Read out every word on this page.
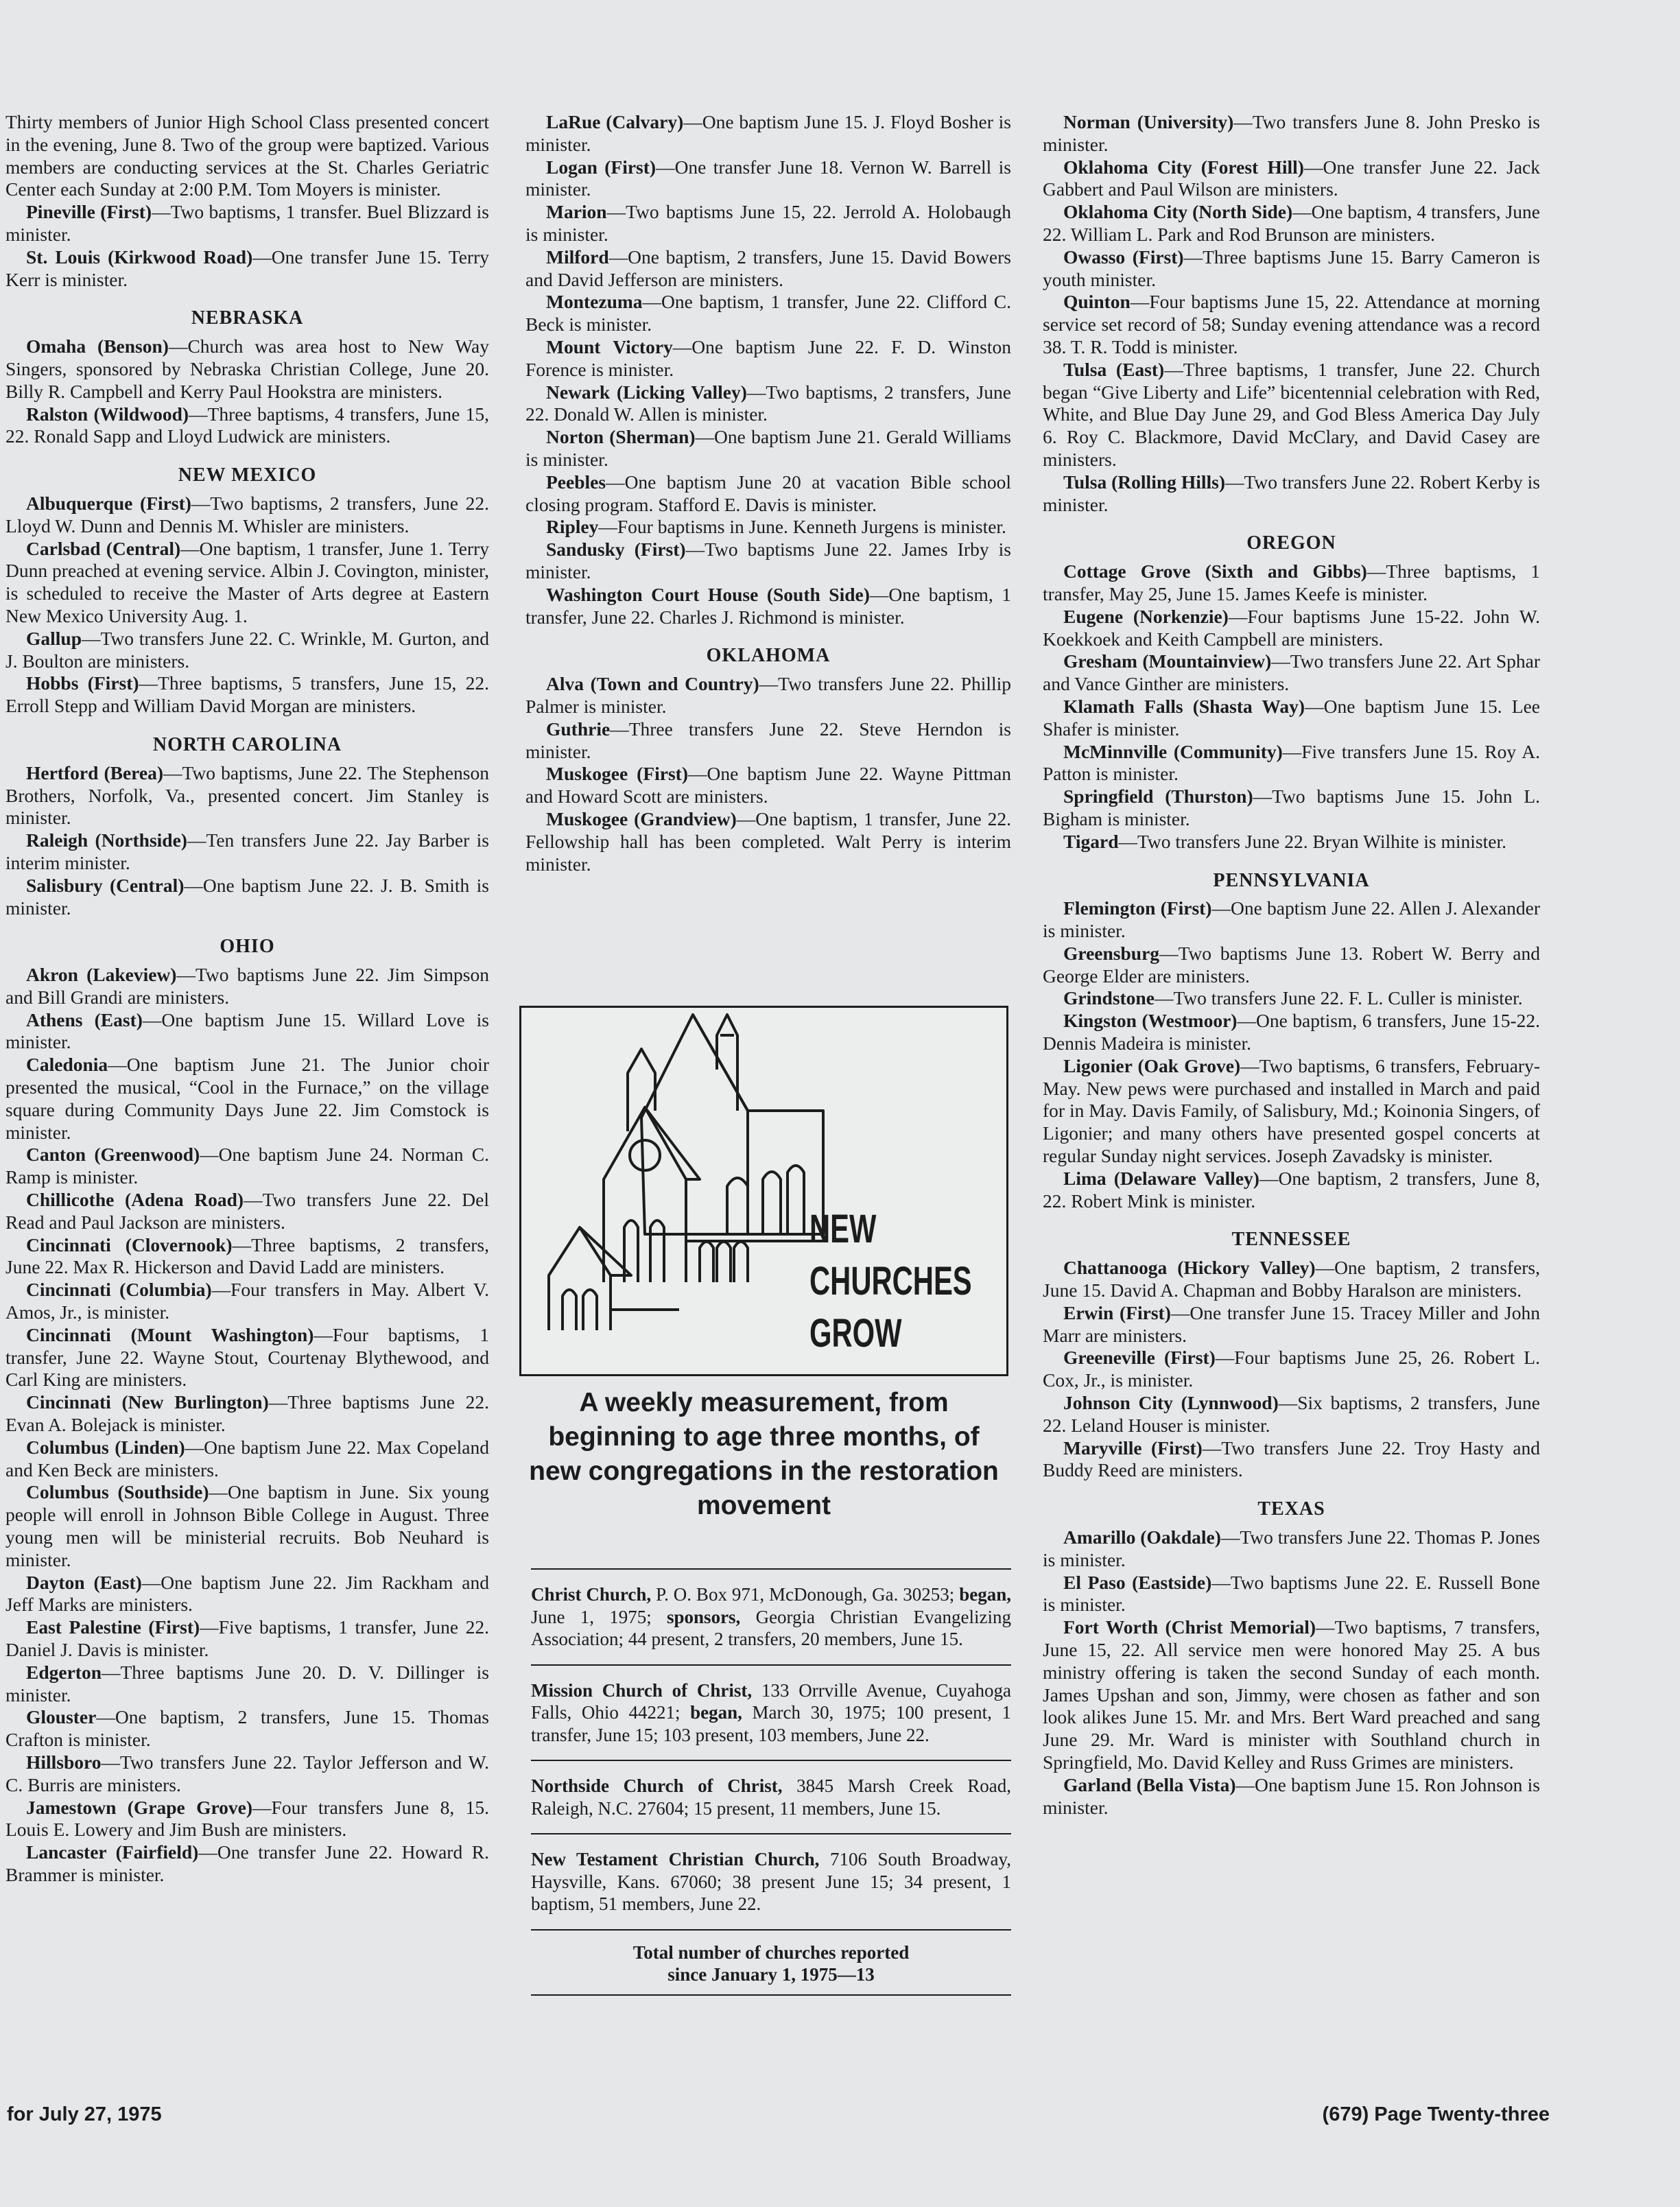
Thirty members of Junior High School Class presented concert in the evening, June 8. Two of the group were baptized. Various members are conducting services at the St. Charles Geriatric Center each Sunday at 2:00 P.M. Tom Moyers is minister.

Pineville (First)—Two baptisms, 1 transfer. Buel Blizzard is minister.

St. Louis (Kirkwood Road)—One transfer June 15. Terry Kerr is minister.

NEBRASKA

Omaha (Benson)—Church was area host to New Way Singers, sponsored by Nebraska Christian College, June 20. Billy R. Campbell and Kerry Paul Hookstra are ministers.

Ralston (Wildwood)—Three baptisms, 4 transfers, June 15, 22. Ronald Sapp and Lloyd Ludwick are ministers.

NEW MEXICO

Albuquerque (First)—Two baptisms, 2 transfers, June 22. Lloyd W. Dunn and Dennis M. Whisler are ministers.

Carlsbad (Central)—One baptism, 1 transfer, June 1. Terry Dunn preached at evening service. Albin J. Covington, minister, is scheduled to receive the Master of Arts degree at Eastern New Mexico University Aug. 1.

Gallup—Two transfers June 22. C. Wrinkle, M. Gurton, and J. Boulton are ministers.

Hobbs (First)—Three baptisms, 5 transfers, June 15, 22. Erroll Stepp and William David Morgan are ministers.

NORTH CAROLINA

Hertford (Berea)—Two baptisms, June 22. The Stephenson Brothers, Norfolk, Va., presented concert. Jim Stanley is minister.

Raleigh (Northside)—Ten transfers June 22. Jay Barber is interim minister.

Salisbury (Central)—One baptism June 22. J. B. Smith is minister.

OHIO

Akron (Lakeview)—Two baptisms June 22. Jim Simpson and Bill Grandi are ministers.

Athens (East)—One baptism June 15. Willard Love is minister.

Caledonia—One baptism June 21. The Junior choir presented the musical, “Cool in the Furnace,” on the village square during Community Days June 22. Jim Comstock is minister.

Canton (Greenwood)—One baptism June 24. Norman C. Ramp is minister.

Chillicothe (Adena Road)—Two transfers June 22. Del Read and Paul Jackson are ministers.

Cincinnati (Clovernook)—Three baptisms, 2 transfers, June 22. Max R. Hickerson and David Ladd are ministers.

Cincinnati (Columbia)—Four transfers in May. Albert V. Amos, Jr., is minister.

Cincinnati (Mount Washington)—Four baptisms, 1 transfer, June 22. Wayne Stout, Courtenay Blythewood, and Carl King are ministers.

Cincinnati (New Burlington)—Three baptisms June 22. Evan A. Bolejack is minister.

Columbus (Linden)—One baptism June 22. Max Copeland and Ken Beck are ministers.

Columbus (Southside)—One baptism in June. Six young people will enroll in Johnson Bible College in August. Three young men will be ministerial recruits. Bob Neuhard is minister.

Dayton (East)—One baptism June 22. Jim Rackham and Jeff Marks are ministers.

East Palestine (First)—Five baptisms, 1 transfer, June 22. Daniel J. Davis is minister.

Edgerton—Three baptisms June 20. D. V. Dillinger is minister.

Glouster—One baptism, 2 transfers, June 15. Thomas Crafton is minister.

Hillsboro—Two transfers June 22. Taylor Jefferson and W. C. Burris are ministers.

Jamestown (Grape Grove)—Four transfers June 8, 15. Louis E. Lowery and Jim Bush are ministers.

Lancaster (Fairfield)—One transfer June 22. Howard R. Brammer is minister.

LaRue (Calvary)—One baptism June 15. J. Floyd Bosher is minister.

Logan (First)—One transfer June 18. Vernon W. Barrell is minister.

Marion—Two baptisms June 15, 22. Jerrold A. Holobaugh is minister.

Milford—One baptism, 2 transfers, June 15. David Bowers and David Jefferson are ministers.

Montezuma—One baptism, 1 transfer, June 22. Clifford C. Beck is minister.

Mount Victory—One baptism June 22. F. D. Winston Forence is minister.

Newark (Licking Valley)—Two baptisms, 2 transfers, June 22. Donald W. Allen is minister.

Norton (Sherman)—One baptism June 21. Gerald Williams is minister.

Peebles—One baptism June 20 at vacation Bible school closing program. Stafford E. Davis is minister.

Ripley—Four baptisms in June. Kenneth Jurgens is minister.

Sandusky (First)—Two baptisms June 22. James Irby is minister.

Washington Court House (South Side)—One baptism, 1 transfer, June 22. Charles J. Richmond is minister.

OKLAHOMA

Alva (Town and Country)—Two transfers June 22. Phillip Palmer is minister.

Guthrie—Three transfers June 22. Steve Herndon is minister.

Muskogee (First)—One baptism June 22. Wayne Pittman and Howard Scott are ministers.

Muskogee (Grandview)—One baptism, 1 transfer, June 22. Fellowship hall has been completed. Walt Perry is interim minister.

NEW
CHURCHES
GROW
A weekly measurement, from beginning to age three months, of new congregations in the restoration movement
Christ Church, P. O. Box 971, McDonough, Ga. 30253; began, June 1, 1975; sponsors, Georgia Christian Evangelizing Association; 44 present, 2 transfers, 20 members, June 15.
Mission Church of Christ, 133 Orrville Avenue, Cuyahoga Falls, Ohio 44221; began, March 30, 1975; 100 present, 1 transfer, June 15; 103 present, 103 members, June 22.
Northside Church of Christ, 3845 Marsh Creek Road, Raleigh, N.C. 27604; 15 present, 11 members, June 15.
New Testament Christian Church, 7106 South Broadway, Haysville, Kans. 67060; 38 present June 15; 34 present, 1 baptism, 51 members, June 22.
Total number of churches reported
since January 1, 1975—13

Norman (University)—Two transfers June 8. John Presko is minister.

Oklahoma City (Forest Hill)—One transfer June 22. Jack Gabbert and Paul Wilson are ministers.

Oklahoma City (North Side)—One baptism, 4 transfers, June 22. William L. Park and Rod Brunson are ministers.

Owasso (First)—Three baptisms June 15. Barry Cameron is youth minister.

Quinton—Four baptisms June 15, 22. Attendance at morning service set record of 58; Sunday evening attendance was a record 38. T. R. Todd is minister.

Tulsa (East)—Three baptisms, 1 transfer, June 22. Church began “Give Liberty and Life” bicentennial celebration with Red, White, and Blue Day June 29, and God Bless America Day July 6. Roy C. Blackmore, David McClary, and David Casey are ministers.

Tulsa (Rolling Hills)—Two transfers June 22. Robert Kerby is minister.

OREGON

Cottage Grove (Sixth and Gibbs)—Three baptisms, 1 transfer, May 25, June 15. James Keefe is minister.

Eugene (Norkenzie)—Four baptisms June 15-22. John W. Koekkoek and Keith Campbell are ministers.

Gresham (Mountainview)—Two transfers June 22. Art Sphar and Vance Ginther are ministers.

Klamath Falls (Shasta Way)—One baptism June 15. Lee Shafer is minister.

McMinnville (Community)—Five transfers June 15. Roy A. Patton is minister.

Springfield (Thurston)—Two baptisms June 15. John L. Bigham is minister.

Tigard—Two transfers June 22. Bryan Wilhite is minister.

PENNSYLVANIA

Flemington (First)—One baptism June 22. Allen J. Alexander is minister.

Greensburg—Two baptisms June 13. Robert W. Berry and George Elder are ministers.

Grindstone—Two transfers June 22. F. L. Culler is minister.

Kingston (Westmoor)—One baptism, 6 transfers, June 15-22. Dennis Madeira is minister.

Ligonier (Oak Grove)—Two baptisms, 6 transfers, February-May. New pews were purchased and installed in March and paid for in May. Davis Family, of Salisbury, Md.; Koinonia Singers, of Ligonier; and many others have presented gospel concerts at regular Sunday night services. Joseph Zavadsky is minister.

Lima (Delaware Valley)—One baptism, 2 transfers, June 8, 22. Robert Mink is minister.

TENNESSEE

Chattanooga (Hickory Valley)—One baptism, 2 transfers, June 15. David A. Chapman and Bobby Haralson are ministers.

Erwin (First)—One transfer June 15. Tracey Miller and John Marr are ministers.

Greeneville (First)—Four baptisms June 25, 26. Robert L. Cox, Jr., is minister.

Johnson City (Lynnwood)—Six baptisms, 2 transfers, June 22. Leland Houser is minister.

Maryville (First)—Two transfers June 22. Troy Hasty and Buddy Reed are ministers.

TEXAS

Amarillo (Oakdale)—Two transfers June 22. Thomas P. Jones is minister.

El Paso (Eastside)—Two baptisms June 22. E. Russell Bone is minister.

Fort Worth (Christ Memorial)—Two baptisms, 7 transfers, June 15, 22. All service men were honored May 25. A bus ministry offering is taken the second Sunday of each month. James Upshan and son, Jimmy, were chosen as father and son look alikes June 15. Mr. and Mrs. Bert Ward preached and sang June 29. Mr. Ward is minister with Southland church in Springfield, Mo. David Kelley and Russ Grimes are ministers.

Garland (Bella Vista)—One baptism June 15. Ron Johnson is minister.

for July 27, 1975	(679) Page Twenty-three
